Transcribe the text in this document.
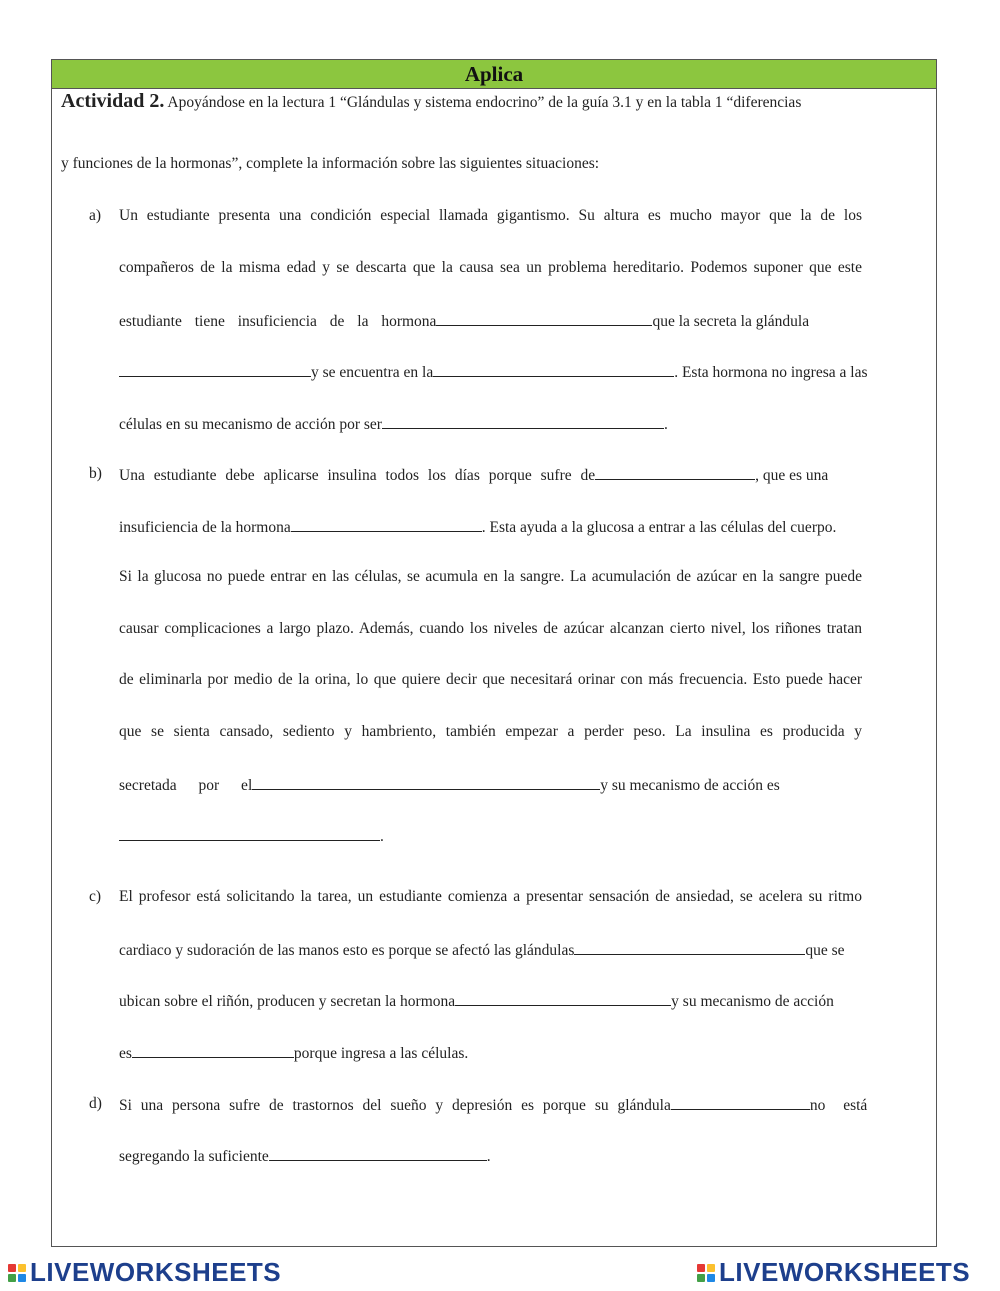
Aplica
Actividad 2. Apoyándose en la lectura 1 “Glándulas y sistema endocrino” de la guía 3.1 y en la tabla 1 “diferencias
y funciones de la hormonas”, complete la información sobre las siguientes situaciones:
a) Un estudiante presenta una condición especial llamada gigantismo. Su altura es mucho mayor que la de los
compañeros de la misma edad y se descarta que la causa sea un problema hereditario. Podemos suponer que este
estudiante tiene insuficiencia de la hormona	que la secreta la glándula
y se encuentra en la	. Esta hormona no ingresa a las
células en su mecanismo de acción por ser	.
b) Una estudiante debe aplicarse insulina todos los días porque sufre de	, que es una
insuficiencia de la hormona	. Esta ayuda a la glucosa a entrar a las células del cuerpo.
Si la glucosa no puede entrar en las células, se acumula en la sangre. La acumulación de azúcar en la sangre puede
causar complicaciones a largo plazo. Además, cuando los niveles de azúcar alcanzan cierto nivel, los riñones tratan
de eliminarla por medio de la orina, lo que quiere decir que necesitará orinar con más frecuencia. Esto puede hacer
que se sienta cansado, sediento y hambriento, también empezar a perder peso. La insulina es producida y
secretada por el	y su mecanismo de acción es
.
c) El profesor está solicitando la tarea, un estudiante comienza a presentar sensación de ansiedad, se acelera su ritmo
cardiaco y sudoración de las manos esto es porque se afectó las glándulas	que se
ubican sobre el riñón, producen y secretan la hormona	y su mecanismo de acción
es	porque ingresa a las células.
d) Si una persona sufre de trastornos del sueño y depresión es porque su glándula	no está
segregando la suficiente	.
LIVEWORKSHEETS	LIVEWORKSHEETS
